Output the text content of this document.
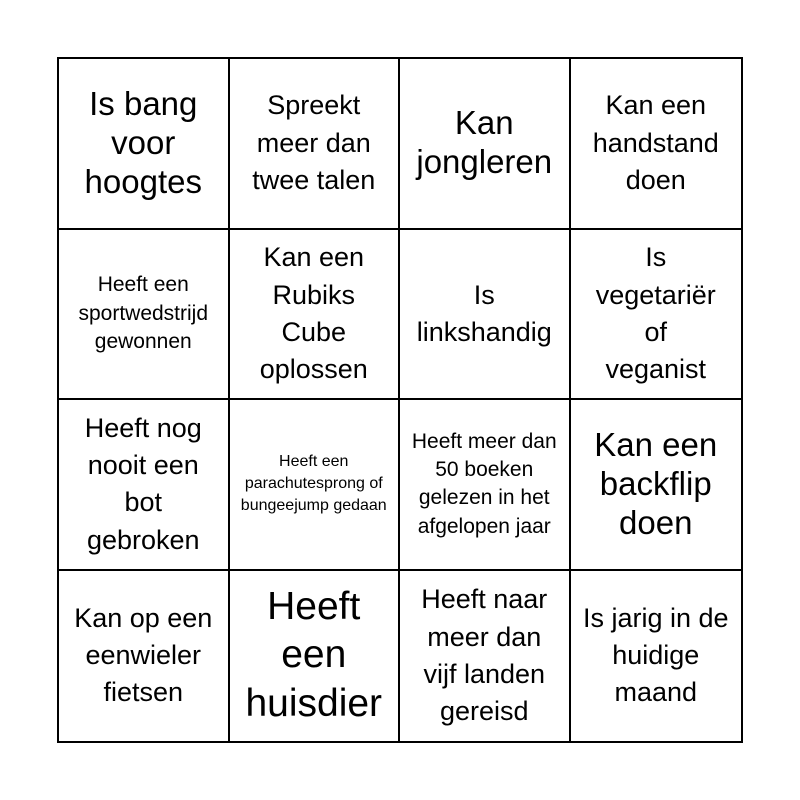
Is bang voor hoogtes
Spreekt meer dan twee talen
Kan jongleren
Kan een handstand doen
Heeft een sportwedstrijd gewonnen
Kan een Rubiks Cube oplossen
Is linkshandig
Is vegetariër of veganist
Heeft nog nooit een bot gebroken
Heeft een parachutesprong of bungeejump gedaan
Heeft meer dan 50 boeken gelezen in het afgelopen jaar
Kan een backflip doen
Kan op een eenwieler fietsen
Heeft een huisdier
Heeft naar meer dan vijf landen gereisd
Is jarig in de huidige maand
